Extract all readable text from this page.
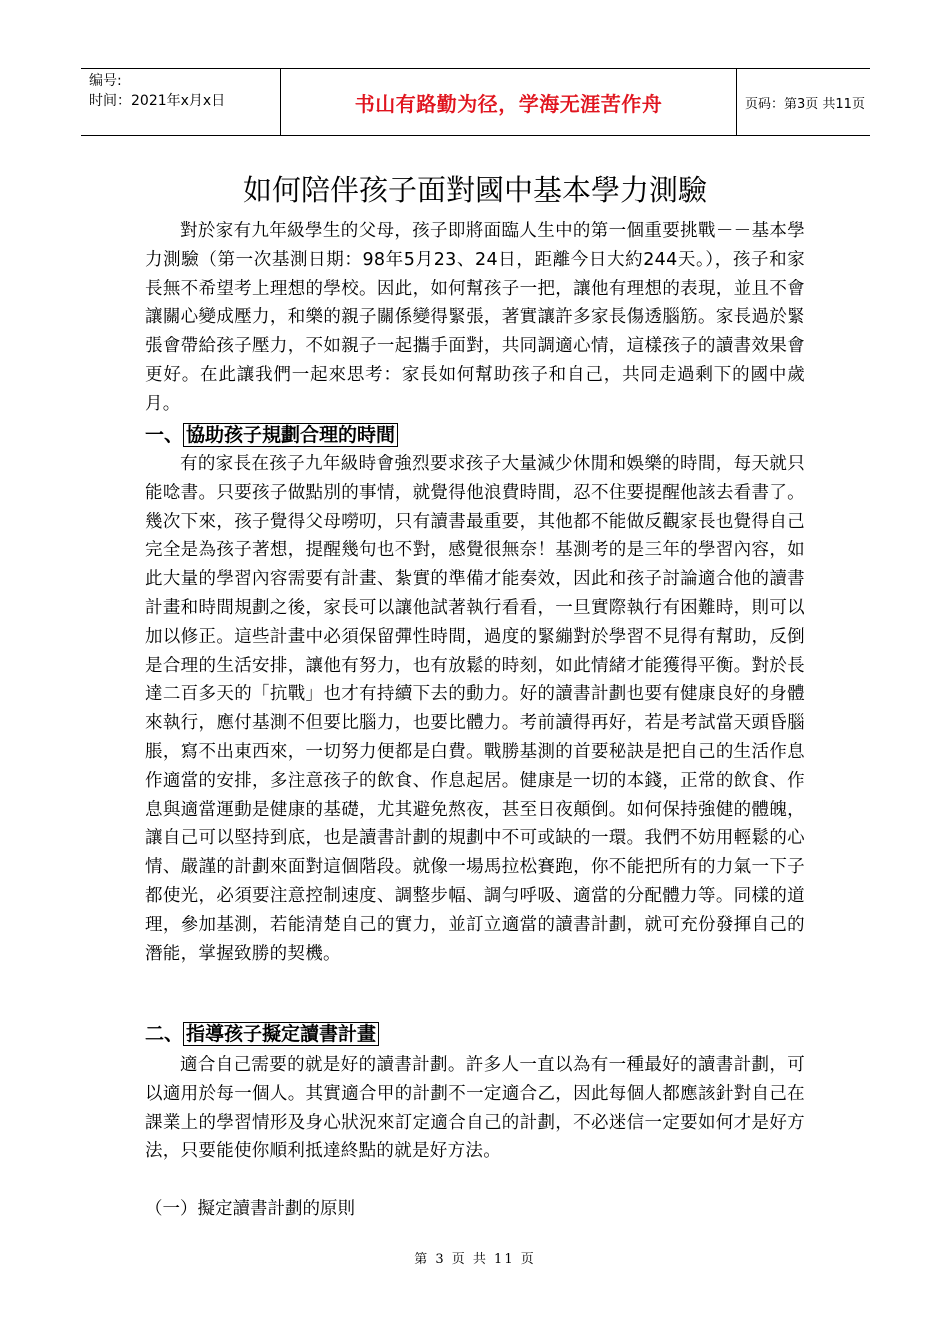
编号:
时间：2021年x月x日	书山有路勤为径，学海无涯苦作舟	页码：第3页 共11页
如何陪伴孩子面對國中基本學力測驗

對於家有九年級學生的父母，孩子即將面臨人生中的第一個重要挑戰－－基本學力測驗（第一次基測日期：98年5月23、24日，距離今日大約244天。），孩子和家長無不希望考上理想的學校。因此，如何幫孩子一把，讓他有理想的表現，並且不會讓關心變成壓力，和樂的親子關係變得緊張，著實讓許多家長傷透腦筋。家長過於緊張會帶給孩子壓力，不如親子一起攜手面對，共同調適心情，這樣孩子的讀書效果會更好。在此讓我們一起來思考：家長如何幫助孩子和自己，共同走過剩下的國中歲月。

一、 協助孩子規劃合理的時間

有的家長在孩子九年級時會強烈要求孩子大量減少休閒和娛樂的時間，每天就只能唸書。只要孩子做點別的事情，就覺得他浪費時間，忍不住要提醒他該去看書了。幾次下來，孩子覺得父母嘮叨，只有讀書最重要，其他都不能做反觀家長也覺得自己完全是為孩子著想，提醒幾句也不對，感覺很無奈！基測考的是三年的學習內容，如此大量的學習內容需要有計畫、紮實的準備才能奏效，因此和孩子討論適合他的讀書計畫和時間規劃之後，家長可以讓他試著執行看看，一旦實際執行有困難時，則可以加以修正。這些計畫中必須保留彈性時間，過度的緊繃對於學習不見得有幫助，反倒是合理的生活安排，讓他有努力，也有放鬆的時刻，如此情緒才能獲得平衡。對於長達二百多天的「抗戰」也才有持續下去的動力。好的讀書計劃也要有健康良好的身體來執行，應付基測不但要比腦力，也要比體力。考前讀得再好，若是考試當天頭昏腦脹，寫不出東西來，一切努力便都是白費。戰勝基測的首要秘訣是把自己的生活作息作適當的安排，多注意孩子的飲食、作息起居。健康是一切的本錢，正常的飲食、作息與適當運動是健康的基礎，尤其避免熬夜，甚至日夜顛倒。如何保持強健的體魄，讓自己可以堅持到底，也是讀書計劃的規劃中不可或缺的一環。我們不妨用輕鬆的心情、嚴謹的計劃來面對這個階段。就像一場馬拉松賽跑，你不能把所有的力氣一下子都使光，必須要注意控制速度、調整步幅、調勻呼吸、適當的分配體力等。同樣的道理，參加基測，若能清楚自己的實力，並訂立適當的讀書計劃，就可充份發揮自己的潛能，掌握致勝的契機。

二、 指導孩子擬定讀書計畫

適合自己需要的就是好的讀書計劃。許多人一直以為有一種最好的讀書計劃，可以適用於每一個人。其實適合甲的計劃不一定適合乙，因此每個人都應該針對自己在課業上的學習情形及身心狀況來訂定適合自己的計劃，不必迷信一定要如何才是好方法，只要能使你順利抵達終點的就是好方法。

（一）擬定讀書計劃的原則
第 3 页 共 11 页
